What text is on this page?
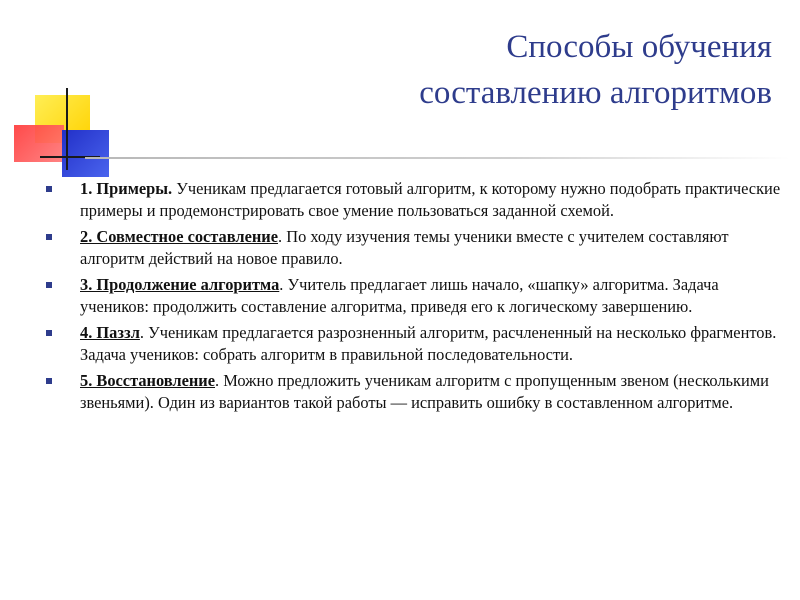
Способы обучения
составлению алгоритмов
1. Примеры. Ученикам предлагается готовый алгоритм, к которому нужно подобрать практические примеры и продемонстрировать свое умение пользоваться заданной схемой.
2. Совместное составление. По ходу изучения темы ученики вместе с учителем составляют алгоритм действий на новое правило.
3. Продолжение алгоритма. Учитель предлагает лишь начало, «шапку» алгоритма. Задача учеников: продолжить составление алгоритма, приведя его к логическому завершению.
4. Паззл. Ученикам предлагается разрозненный алгоритм, расчлененный на несколько фрагментов. Задача учеников: собрать алгоритм в правильной последовательности.
5. Восстановление. Можно предложить ученикам алгоритм с пропущенным звеном (несколькими звеньями). Один из вариантов такой работы — исправить ошибку в составленном алгоритме.
